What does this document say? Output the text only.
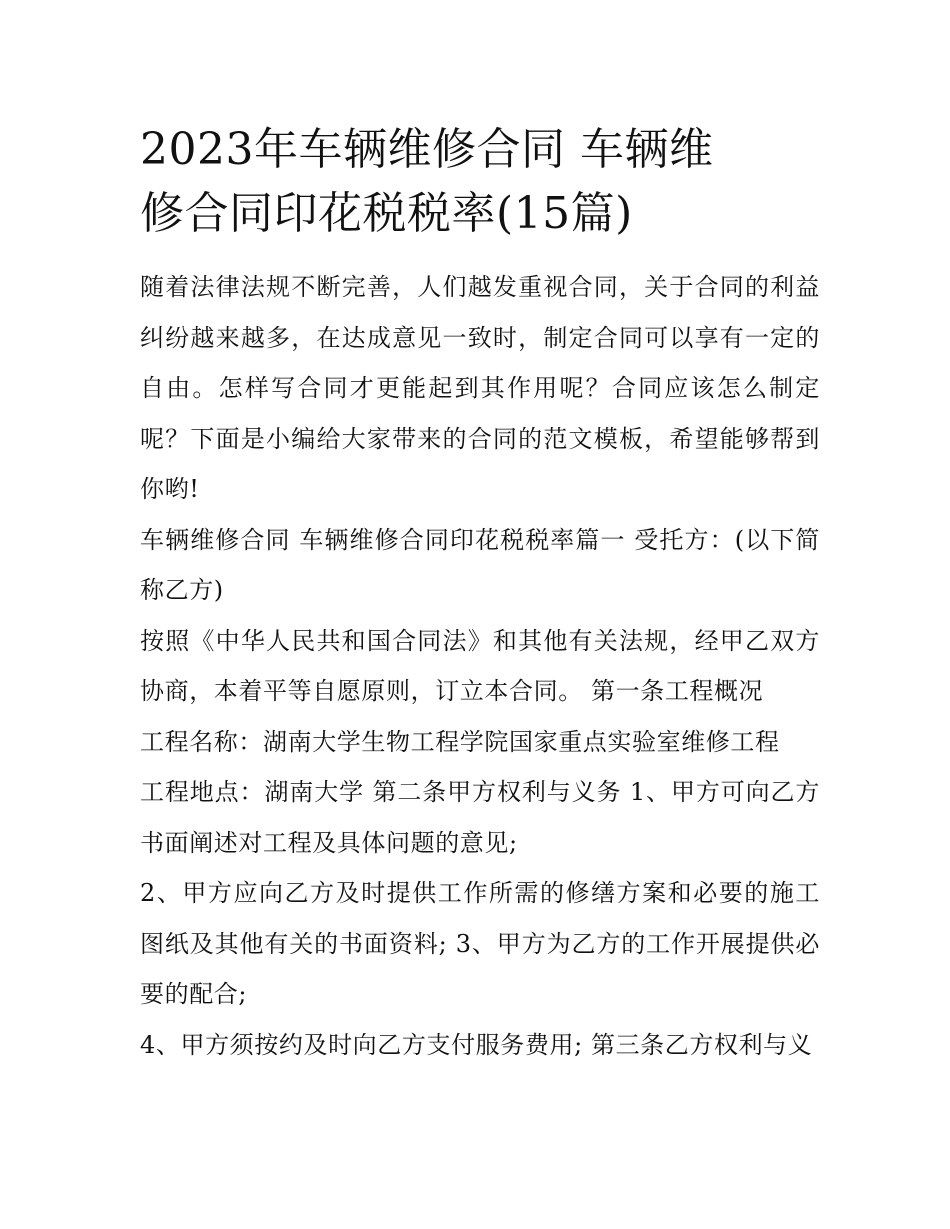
2023年车辆维修合同 车辆维
修合同印花税税率(15篇)

随着法律法规不断完善，人们越发重视合同，关于合同的利益纠纷越来越多，在达成意见一致时，制定合同可以享有一定的自由。怎样写合同才更能起到其作用呢？合同应该怎么制定呢？下面是小编给大家带来的合同的范文模板，希望能够帮到你哟!

车辆维修合同 车辆维修合同印花税税率篇一 受托方：(以下简称乙方)

按照《中华人民共和国合同法》和其他有关法规，经甲乙双方协商，本着平等自愿原则，订立本合同。 第一条工程概况

工程名称：湖南大学生物工程学院国家重点实验室维修工程

工程地点：湖南大学 第二条甲方权利与义务 1、甲方可向乙方书面阐述对工程及具体问题的意见;

2、甲方应向乙方及时提供工作所需的修缮方案和必要的施工图纸及其他有关的书面资料; 3、甲方为乙方的工作开展提供必要的配合;

4、甲方须按约及时向乙方支付服务费用; 第三条乙方权利与义
